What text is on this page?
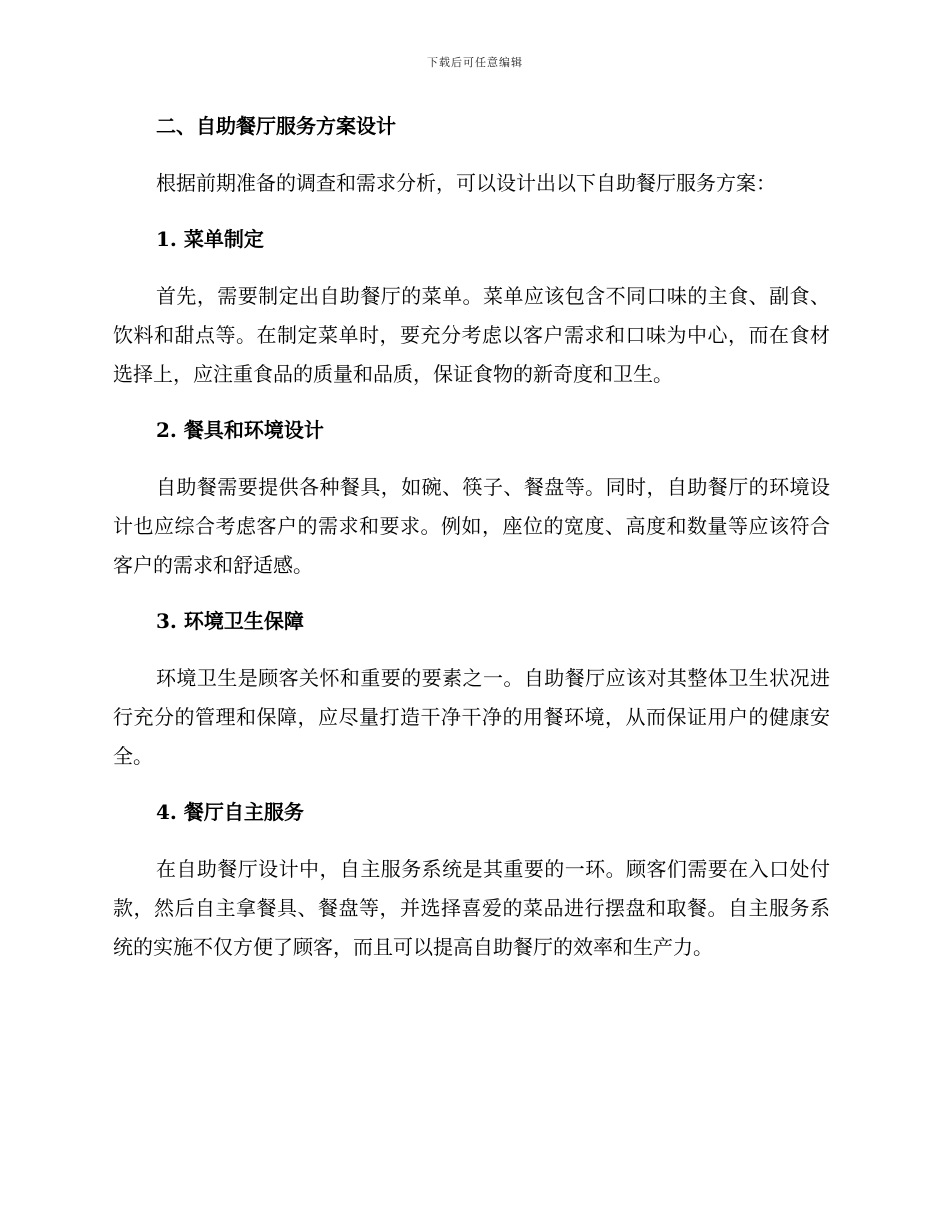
下载后可任意编辑
二、自助餐厅服务方案设计

根据前期准备的调查和需求分析，可以设计出以下自助餐厅服务方案：

1. 菜单制定

首先，需要制定出自助餐厅的菜单。菜单应该包含不同口味的主食、副食、饮料和甜点等。在制定菜单时，要充分考虑以客户需求和口味为中心，而在食材选择上，应注重食品的质量和品质，保证食物的新奇度和卫生。

2. 餐具和环境设计

自助餐需要提供各种餐具，如碗、筷子、餐盘等。同时，自助餐厅的环境设计也应综合考虑客户的需求和要求。例如，座位的宽度、高度和数量等应该符合客户的需求和舒适感。

3. 环境卫生保障

环境卫生是顾客关怀和重要的要素之一。自助餐厅应该对其整体卫生状况进行充分的管理和保障，应尽量打造干净干净的用餐环境，从而保证用户的健康安全。

4. 餐厅自主服务

在自助餐厅设计中，自主服务系统是其重要的一环。顾客们需要在入口处付款，然后自主拿餐具、餐盘等，并选择喜爱的菜品进行摆盘和取餐。自主服务系统的实施不仅方便了顾客，而且可以提高自助餐厅的效率和生产力。
